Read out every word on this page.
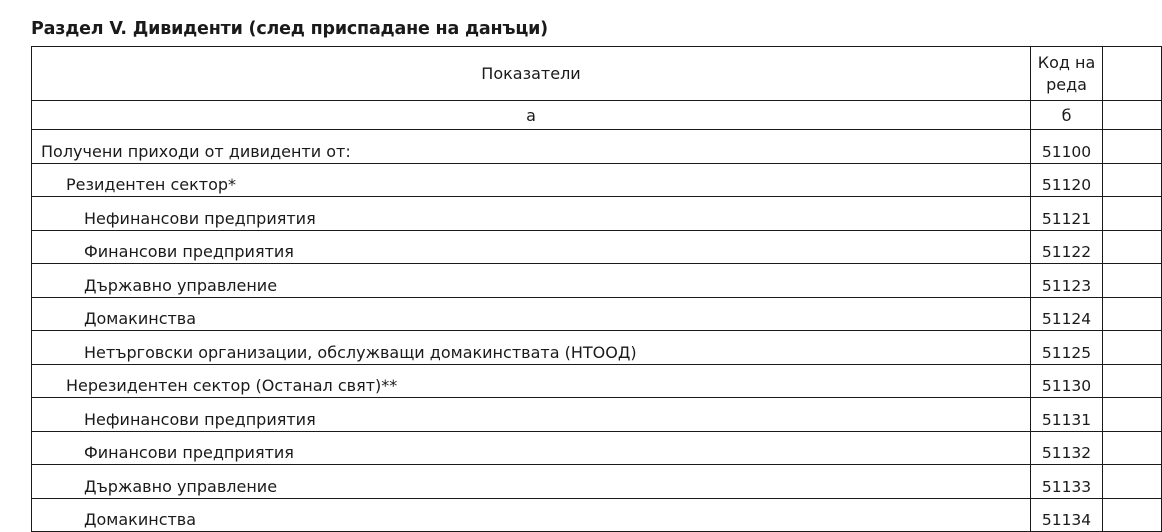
Раздел V. Дивиденти (след приспадане на данъци)
Показатели	Код на реда	
а	б	
Получени приходи от дивиденти от:	51100	
Резидентен сектор*	51120	
Нефинансови предприятия	51121	
Финансови предприятия	51122	
Държавно управление	51123	
Домакинства	51124	
Нетърговски организации, обслужващи домакинствата (НТООД)	51125	
Нерезидентен сектор (Останал свят)**	51130	
Нефинансови предприятия	51131	
Финансови предприятия	51132	
Държавно управление	51133	
Домакинства	51134	
